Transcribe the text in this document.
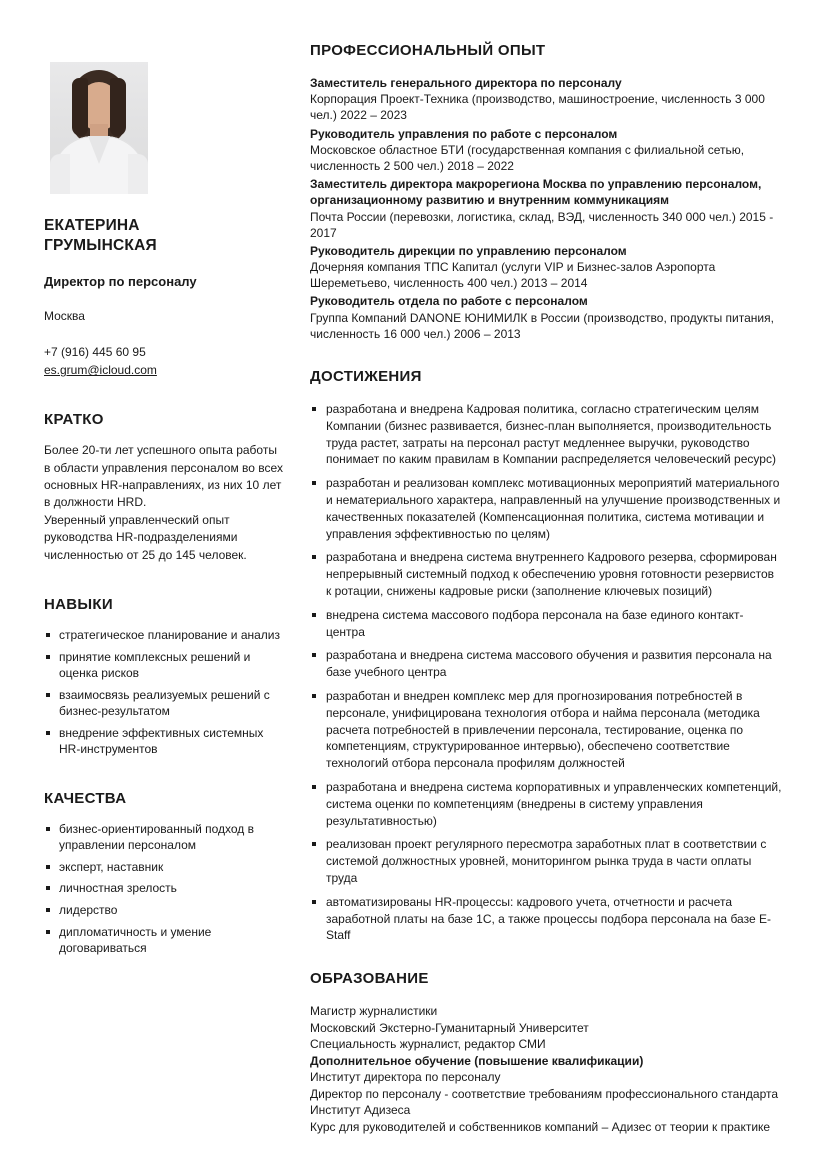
ЕКАТЕРИНА
ГРУМЫНСКАЯ
Директор по персоналу
Москва
+7 (916) 445 60 95
es.grum@icloud.com
КРАТКО

Более 20-ти лет успешного опыта работы в области управления персоналом во всех основных HR-направлениях, из них 10 лет в должности HRD.
Уверенный управленческий опыт руководства HR-подразделениями численностью от 25 до 145 человек.

НАВЫКИ
стратегическое планирование и анализ
принятие комплексных решений и оценка рисков
взаимосвязь реализуемых решений с бизнес-результатом
внедрение эффективных системных HR-инструментов
КАЧЕСТВА
бизнес-ориентированный подход в управлении персоналом
эксперт, наставник
личностная зрелость
лидерство
дипломатичность и умение договариваться
ПРОФЕССИОНАЛЬНЫЙ ОПЫТ
Заместитель генерального директора по персоналу
Корпорация Проект-Техника (производство, машиностроение, численность 3 000 чел.) 2022 – 2023
Руководитель управления по работе с персоналом
Московское областное БТИ (государственная компания с филиальной сетью, численность 2 500 чел.) 2018 – 2022
Заместитель директора макрорегиона Москва по управлению персоналом, организационному развитию и внутренним коммуникациям
Почта России (перевозки, логистика, склад, ВЭД, численность 340 000 чел.) 2015 - 2017
Руководитель дирекции по управлению персоналом
Дочерняя компания ТПС Капитал (услуги VIP и Бизнес-залов Аэропорта Шереметьево, численность 400 чел.) 2013 – 2014
Руководитель отдела по работе с персоналом
Группа Компаний DANONE ЮНИМИЛК в России (производство, продукты питания, численность 16 000 чел.) 2006 – 2013
ДОСТИЖЕНИЯ
разработана и внедрена Кадровая политика, согласно стратегическим целям Компании (бизнес развивается, бизнес-план выполняется, производительность труда растет, затраты на персонал растут медленнее выручки, руководство понимает по каким правилам в Компании распределяется человеческий ресурс)
разработан и реализован комплекс мотивационных мероприятий материального и нематериального характера, направленный на улучшение производственных и качественных показателей (Компенсационная политика, система мотивации и управления эффективностью по целям)
разработана и внедрена система внутреннего Кадрового резерва, сформирован непрерывный системный подход к обеспечению уровня готовности резервистов к ротации, снижены кадровые риски (заполнение ключевых позиций)
внедрена система массового подбора персонала на базе единого контакт-центра
разработана и внедрена система массового обучения и развития персонала на базе учебного центра
разработан и внедрен комплекс мер для прогнозирования потребностей в персонале, унифицирована технология отбора и найма персонала (методика расчета потребностей в привлечении персонала, тестирование, оценка по компетенциям, структурированное интервью), обеспечено соответствие технологий отбора персонала профилям должностей
разработана и внедрена система корпоративных и управленческих компетенций, система оценки по компетенциям (внедрены в систему управления результативностью)
реализован проект регулярного пересмотра заработных плат в соответствии с системой должностных уровней, мониторингом рынка труда в части оплаты труда
автоматизированы HR-процессы: кадрового учета, отчетности и расчета заработной платы на базе 1С, а также процессы подбора персонала на базе E-Staff
ОБРАЗОВАНИЕ

Магистр журналистики

Московский Экстерно-Гуманитарный Университет

Специальность журналист, редактор СМИ

Дополнительное обучение (повышение квалификации)

Институт директора по персоналу

Директор по персоналу - соответствие требованиям профессионального стандарта

Институт Адизеса

Курс для руководителей и собственников компаний – Адизес от теории к практике
